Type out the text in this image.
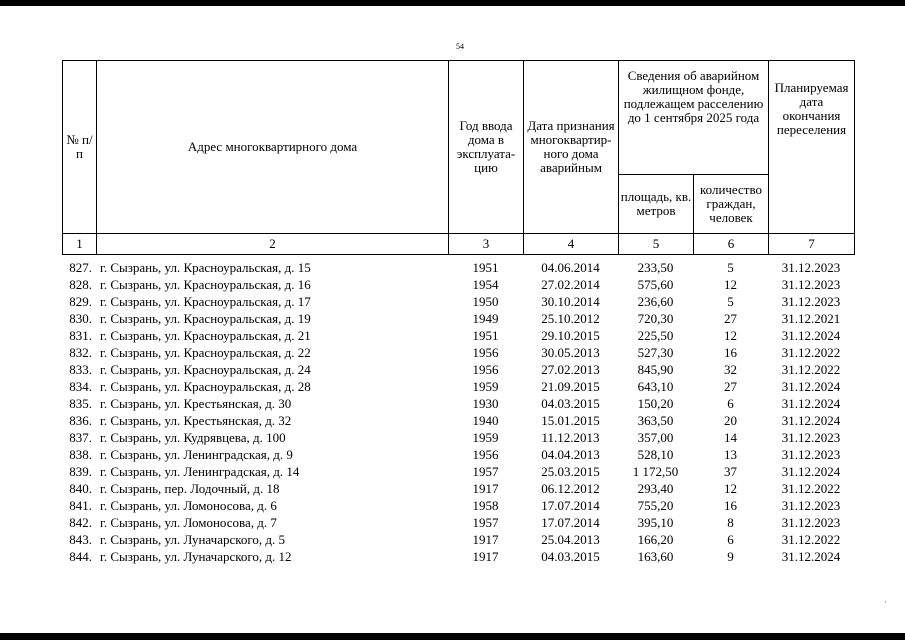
54
№ п/п	Адрес многоквартирного дома	Год ввода дома в эксплуата-цию	Дата признания многоквартир-ного дома аварийным	Сведения об аварийном жилищном фонде, подлежащем расселению до 1 сентября 2025 года		Планируемая дата окончания переселения
				площадь, кв. метров	количество граждан, человек	
1	2	3	4	5	6	7
827.	г. Сызрань, ул. Красноуральская, д. 15	1951	04.06.2014	233,50	5	31.12.2023
828.	г. Сызрань, ул. Красноуральская, д. 16	1954	27.02.2014	575,60	12	31.12.2023
829.	г. Сызрань, ул. Красноуральская, д. 17	1950	30.10.2014	236,60	5	31.12.2023
830.	г. Сызрань, ул. Красноуральская, д. 19	1949	25.10.2012	720,30	27	31.12.2021
831.	г. Сызрань, ул. Красноуральская, д. 21	1951	29.10.2015	225,50	12	31.12.2024
832.	г. Сызрань, ул. Красноуральская, д. 22	1956	30.05.2013	527,30	16	31.12.2022
833.	г. Сызрань, ул. Красноуральская, д. 24	1956	27.02.2013	845,90	32	31.12.2022
834.	г. Сызрань, ул. Красноуральская, д. 28	1959	21.09.2015	643,10	27	31.12.2024
835.	г. Сызрань, ул. Крестьянская, д. 30	1930	04.03.2015	150,20	6	31.12.2024
836.	г. Сызрань, ул. Крестьянская, д. 32	1940	15.01.2015	363,50	20	31.12.2024
837.	г. Сызрань, ул. Кудрявцева, д. 100	1959	11.12.2013	357,00	14	31.12.2023
838.	г. Сызрань, ул. Ленинградская, д. 9	1956	04.04.2013	528,10	13	31.12.2023
839.	г. Сызрань, ул. Ленинградская, д. 14	1957	25.03.2015	1 172,50	37	31.12.2024
840.	г. Сызрань, пер. Лодочный, д. 18	1917	06.12.2012	293,40	12	31.12.2022
841.	г. Сызрань, ул. Ломоносова, д. 6	1958	17.07.2014	755,20	16	31.12.2023
842.	г. Сызрань, ул. Ломоносова, д. 7	1957	17.07.2014	395,10	8	31.12.2023
843.	г. Сызрань, ул. Луначарского, д. 5	1917	25.04.2013	166,20	6	31.12.2022
844.	г. Сызрань, ул. Луначарского, д. 12	1917	04.03.2015	163,60	9	31.12.2024
·
